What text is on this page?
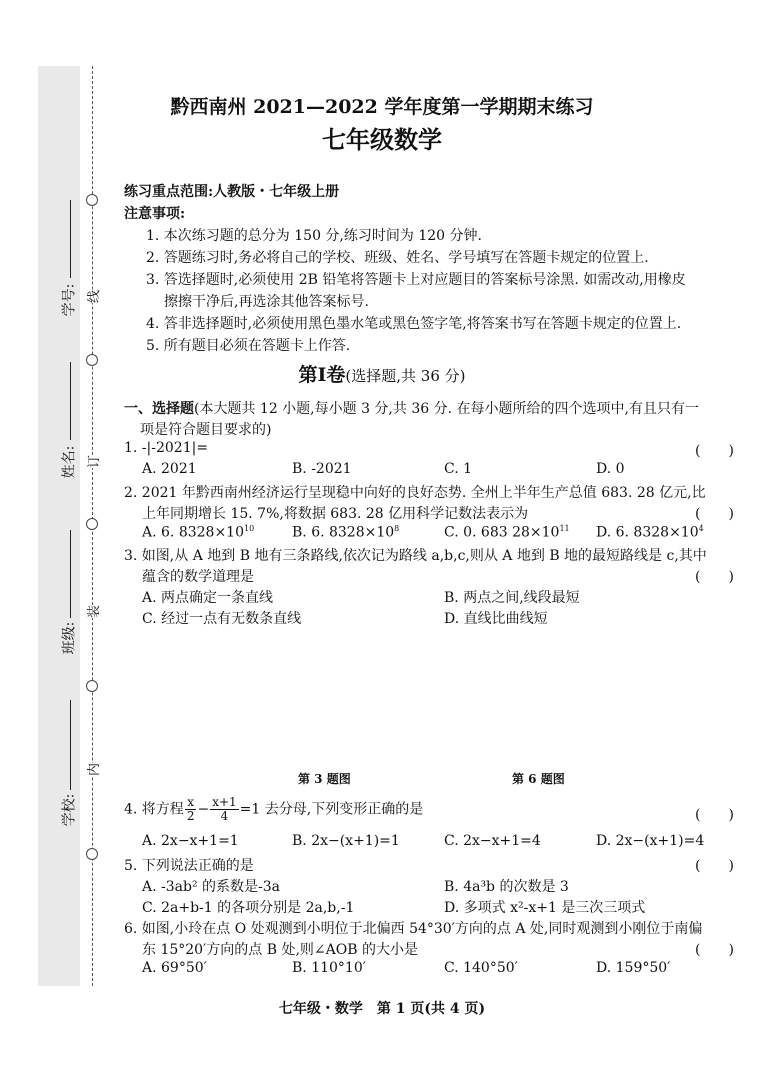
线
订
装
内
学号:
姓名:
班级:
学校:
黔西南州 2021—2022 学年度第一学期期末练习
七年级数学
练习重点范围:人教版・七年级上册
注意事项:
1. 本次练习题的总分为 150 分,练习时间为 120 分钟.
2. 答题练习时,务必将自己的学校、班级、姓名、学号填写在答题卡规定的位置上.
3. 答选择题时,必须使用 2B 铅笔将答题卡上对应题目的答案标号涂黑. 如需改动,用橡皮
擦擦干净后,再选涂其他答案标号.
4. 答非选择题时,必须使用黑色墨水笔或黑色签字笔,将答案书写在答题卡规定的位置上.
5. 所有题目必须在答题卡上作答.
第Ⅰ卷(选择题,共 36 分)
一、选择题(本大题共 12 小题,每小题 3 分,共 36 分. 在每小题所给的四个选项中,有且只有一
项是符合题目要求的)
1. -|-2021|=	(　　)
A. 2021	B. -2021	C. 1	D. 0
2. 2021 年黔西南州经济运行呈现稳中向好的良好态势. 全州上半年生产总值 683. 28 亿元,比
上年同期增长 15. 7%,将数据 683. 28 亿用科学记数法表示为	(　　)
A. 6. $8328\times 10^{10}$	B. 6. $8328\times 10^8$	C. 0. 683 $28\times 10^{11}$ D. 6. $8328\times 10^4$
3. 如图,从 A 地到 B 地有三条路线,依次记为路线 a,b,c,则从 A 地到 B 地的最短路线是 c,其中
蕴含的数学道理是	(　　)
A. 两点确定一条直线	B. 两点之间,线段最短
C. 经过一点有无数条直线	D. 直线比曲线短
第 3 题图	第 6 题图
4. 将方程 $\frac{x}{2} - \frac{x+1}{4} =1$ 去分母,下列变形正确的是	(　　)
A. 2x−x+1=1	B. 2x−(x+1)=1	C. 2x−x+1=4	D. 2x−(x+1)=4
5. 下列说法正确的是	(　　)
A. -3ab² 的系数是-3a	B. 4a³b 的次数是 3
C. 2a+b-1 的各项分别是 2a,b,-1	D. 多项式 x²-x+1 是三次三项式
6. 如图,小玲在点 O 处观测到小明位于北偏西 54°30′方向的点 A 处,同时观测到小刚位于南偏
东 15°20′方向的点 B 处,则∠AOB 的大小是	(　　)
A. 69°50′	B. 110°10′	C. 140°50′	D. 159°50′
七年级・数学　第 1 页(共 4 页)
